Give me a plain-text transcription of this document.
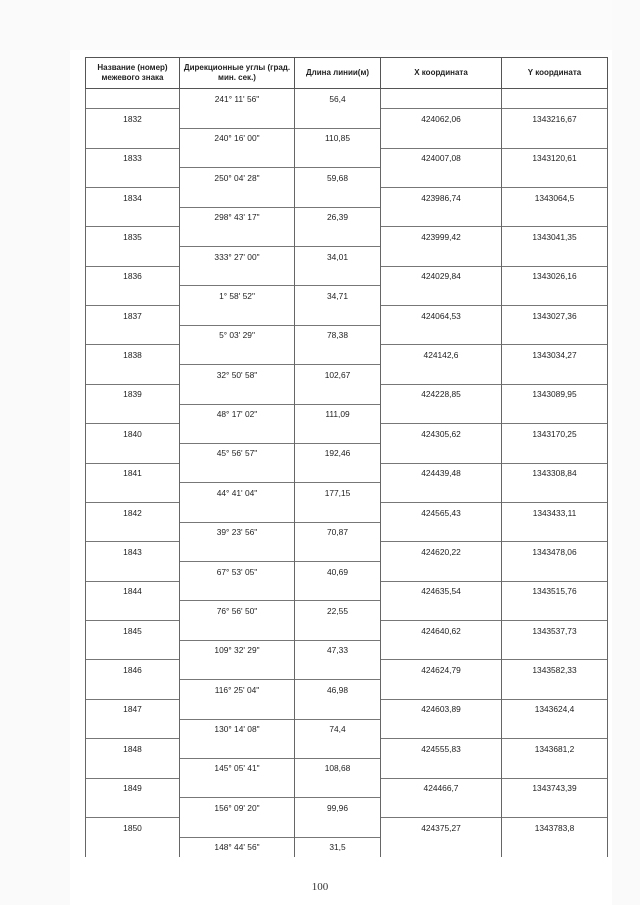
Название (номер) межевого знака	Дирекционные углы (град. мин. сек.)	Длина линии(м)	X координата	Y координата
	241° 11' 56"	56,4		
1832			424062,06	1343216,67
	240° 16' 00"	110,85		
1833			424007,08	1343120,61
	250° 04' 28"	59,68		
1834			423986,74	1343064,5
	298° 43' 17"	26,39		
1835			423999,42	1343041,35
	333° 27' 00"	34,01		
1836			424029,84	1343026,16
	1° 58' 52"	34,71		
1837			424064,53	1343027,36
	5° 03' 29"	78,38		
1838			424142,6	1343034,27
	32° 50' 58"	102,67		
1839			424228,85	1343089,95
	48° 17' 02"	111,09		
1840			424305,62	1343170,25
	45° 56' 57"	192,46		
1841			424439,48	1343308,84
	44° 41' 04"	177,15		
1842			424565,43	1343433,11
	39° 23' 56"	70,87		
1843			424620,22	1343478,06
	67° 53' 05"	40,69		
1844			424635,54	1343515,76
	76° 56' 50"	22,55		
1845			424640,62	1343537,73
	109° 32' 29"	47,33		
1846			424624,79	1343582,33
	116° 25' 04"	46,98		
1847			424603,89	1343624,4
	130° 14' 08"	74,4		
1848			424555,83	1343681,2
	145° 05' 41"	108,68		
1849			424466,7	1343743,39
	156° 09' 20"	99,96		
1850			424375,27	1343783,8
	148° 44' 56"	31,5		
100
